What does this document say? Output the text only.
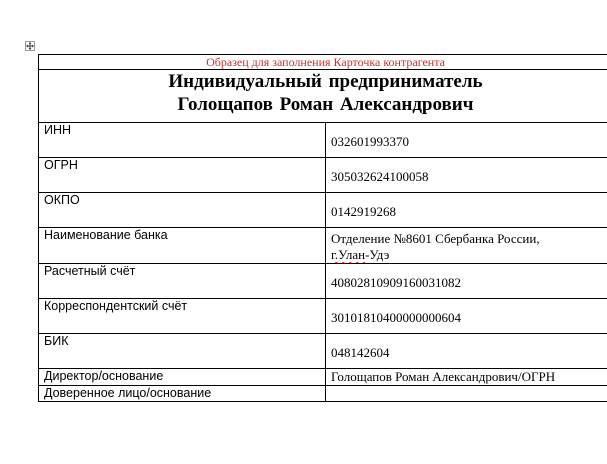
Образец для заполнения Карточка контрагента	

Индивидуальный предприниматель
Голощапов Роман Александрович	

ИНН	032601993370
ОГРН	305032624100058
ОКПО	0142919268
Наименование банка	Отделение №8601 Сбербанка России,
г.Улан-Удэ

Расчетный счёт	40802810909160031082
Корреспондентский счёт	30101810400000000604
БИК	048142604
Директор/основание	Голощапов Роман Александрович/ОГРН
Доверенное лицо/основание	
